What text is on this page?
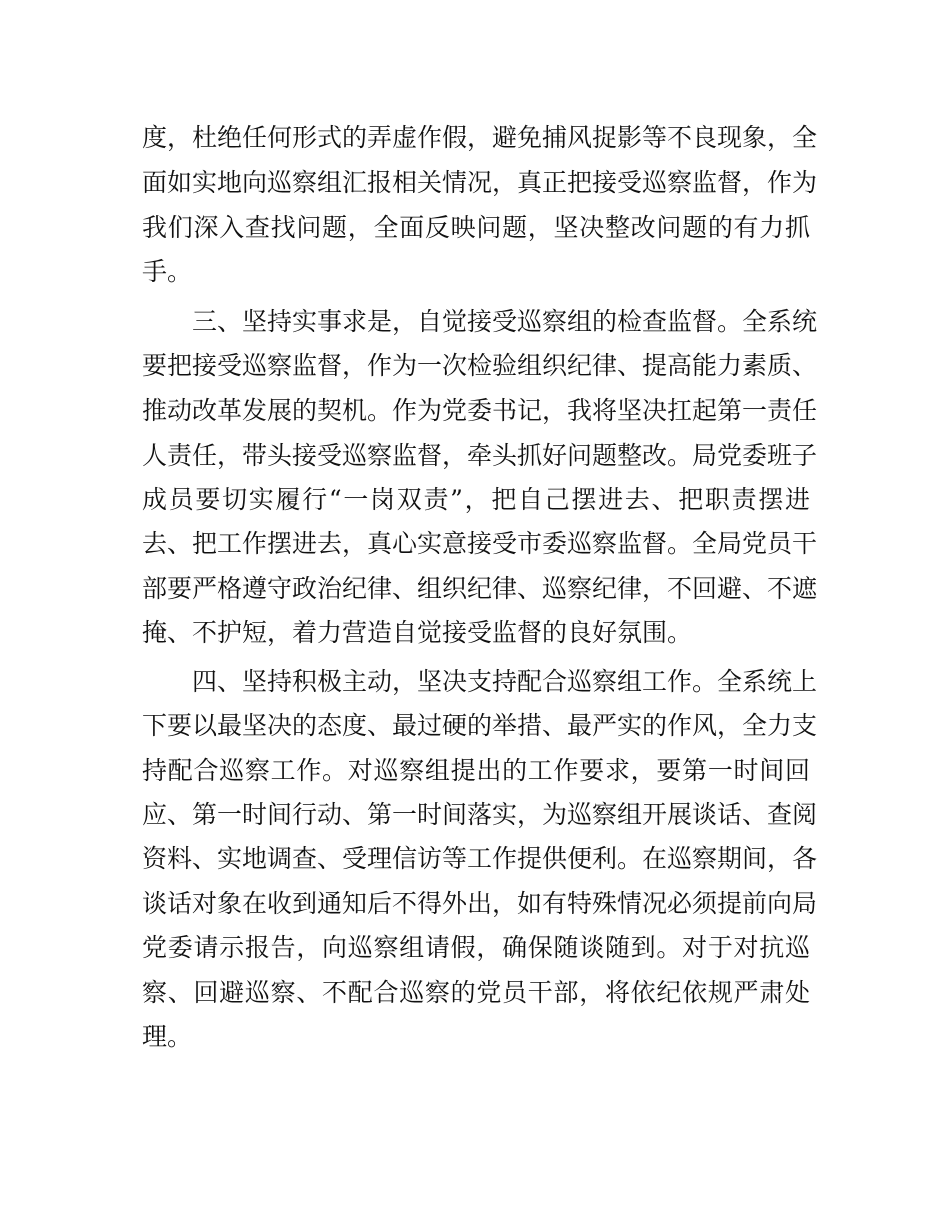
度，杜绝任何形式的弄虚作假，避免捕风捉影等不良现象，全
面如实地向巡察组汇报相关情况，真正把接受巡察监督，作为
我们深入查找问题，全面反映问题，坚决整改问题的有力抓
手。
三、坚持实事求是，自觉接受巡察组的检查监督。全系统
要把接受巡察监督，作为一次检验组织纪律、提高能力素质、
推动改革发展的契机。作为党委书记，我将坚决扛起第一责任
人责任，带头接受巡察监督，牵头抓好问题整改。局党委班子
成员要切实履行“一岗双责”，把自己摆进去、把职责摆进
去、把工作摆进去，真心实意接受市委巡察监督。全局党员干
部要严格遵守政治纪律、组织纪律、巡察纪律，不回避、不遮
掩、不护短，着力营造自觉接受监督的良好氛围。
四、坚持积极主动，坚决支持配合巡察组工作。全系统上
下要以最坚决的态度、最过硬的举措、最严实的作风，全力支
持配合巡察工作。对巡察组提出的工作要求，要第一时间回
应、第一时间行动、第一时间落实，为巡察组开展谈话、查阅
资料、实地调查、受理信访等工作提供便利。在巡察期间，各
谈话对象在收到通知后不得外出，如有特殊情况必须提前向局
党委请示报告，向巡察组请假，确保随谈随到。对于对抗巡
察、回避巡察、不配合巡察的党员干部，将依纪依规严肃处
理。
